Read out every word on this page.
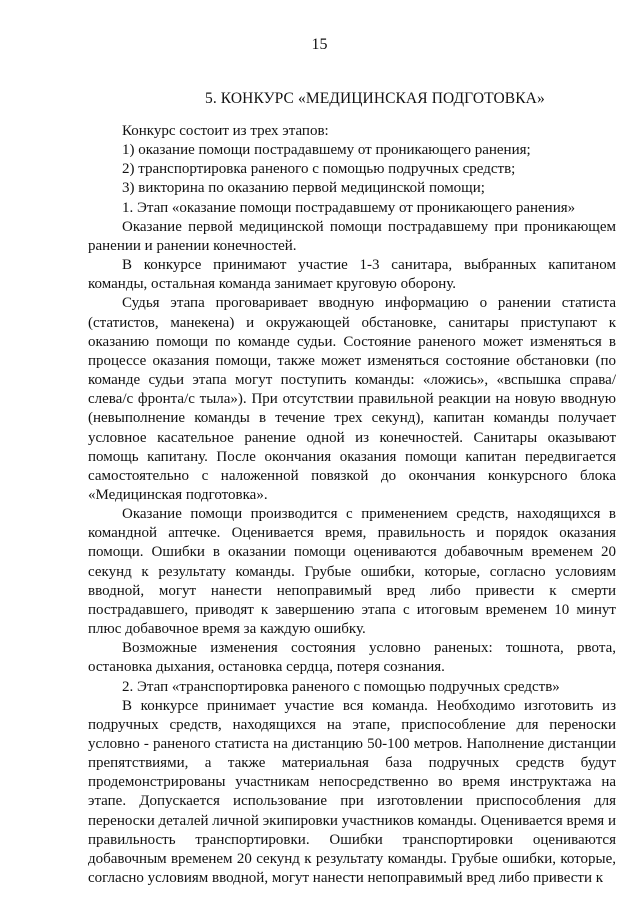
15
5. КОНКУРС «МЕДИЦИНСКАЯ ПОДГОТОВКА»

Конкурс состоит из трех этапов:

1) оказание помощи пострадавшему от проникающего ранения;

2) транспортировка раненого с помощью подручных средств;

3) викторина по оказанию первой медицинской помощи;

1. Этап «оказание помощи пострадавшему от проникающего ранения»

Оказание первой медицинской помощи пострадавшему при проникающем ранении и ранении конечностей.

В конкурсе принимают участие 1-3 санитара, выбранных капитаном команды, остальная команда занимает круговую оборону.

Судья этапа проговаривает вводную информацию о ранении статиста (статистов, манекена) и окружающей обстановке, санитары приступают к оказанию помощи по команде судьи. Состояние раненого может изменяться в процессе оказания помощи, также может изменяться состояние обстановки (по команде судьи этапа могут поступить команды: «ложись», «вспышка справа/слева/с фронта/с тыла»). При отсутствии правильной реакции на новую вводную (невыполнение команды в течение трех секунд), капитан команды получает условное касательное ранение одной из конечностей. Санитары оказывают помощь капитану. После окончания оказания помощи капитан передвигается самостоятельно с наложенной повязкой до окончания конкурсного блока «Медицинская подготовка».

Оказание помощи производится с применением средств, находящихся в командной аптечке. Оценивается время, правильность и порядок оказания помощи. Ошибки в оказании помощи оцениваются добавочным временем 20 секунд к результату команды. Грубые ошибки, которые, согласно условиям вводной, могут нанести непоправимый вред либо привести к смерти пострадавшего, приводят к завершению этапа с итоговым временем 10 минут плюс добавочное время за каждую ошибку.

Возможные изменения состояния условно раненых: тошнота, рвота, остановка дыхания, остановка сердца, потеря сознания.

2. Этап «транспортировка раненого с помощью подручных средств»

В конкурсе принимает участие вся команда. Необходимо изготовить из подручных средств, находящихся на этапе, приспособление для переноски условно - раненого статиста на дистанцию 50-100 метров. Наполнение дистанции препятствиями, а также материальная база подручных средств будут продемонстрированы участникам непосредственно во время инструктажа на этапе. Допускается использование при изготовлении приспособления для переноски деталей личной экипировки участников команды. Оценивается время и правильность транспортировки. Ошибки транспортировки оцениваются добавочным временем 20 секунд к результату команды. Грубые ошибки, которые, согласно условиям вводной, могут нанести непоправимый вред либо привести к
